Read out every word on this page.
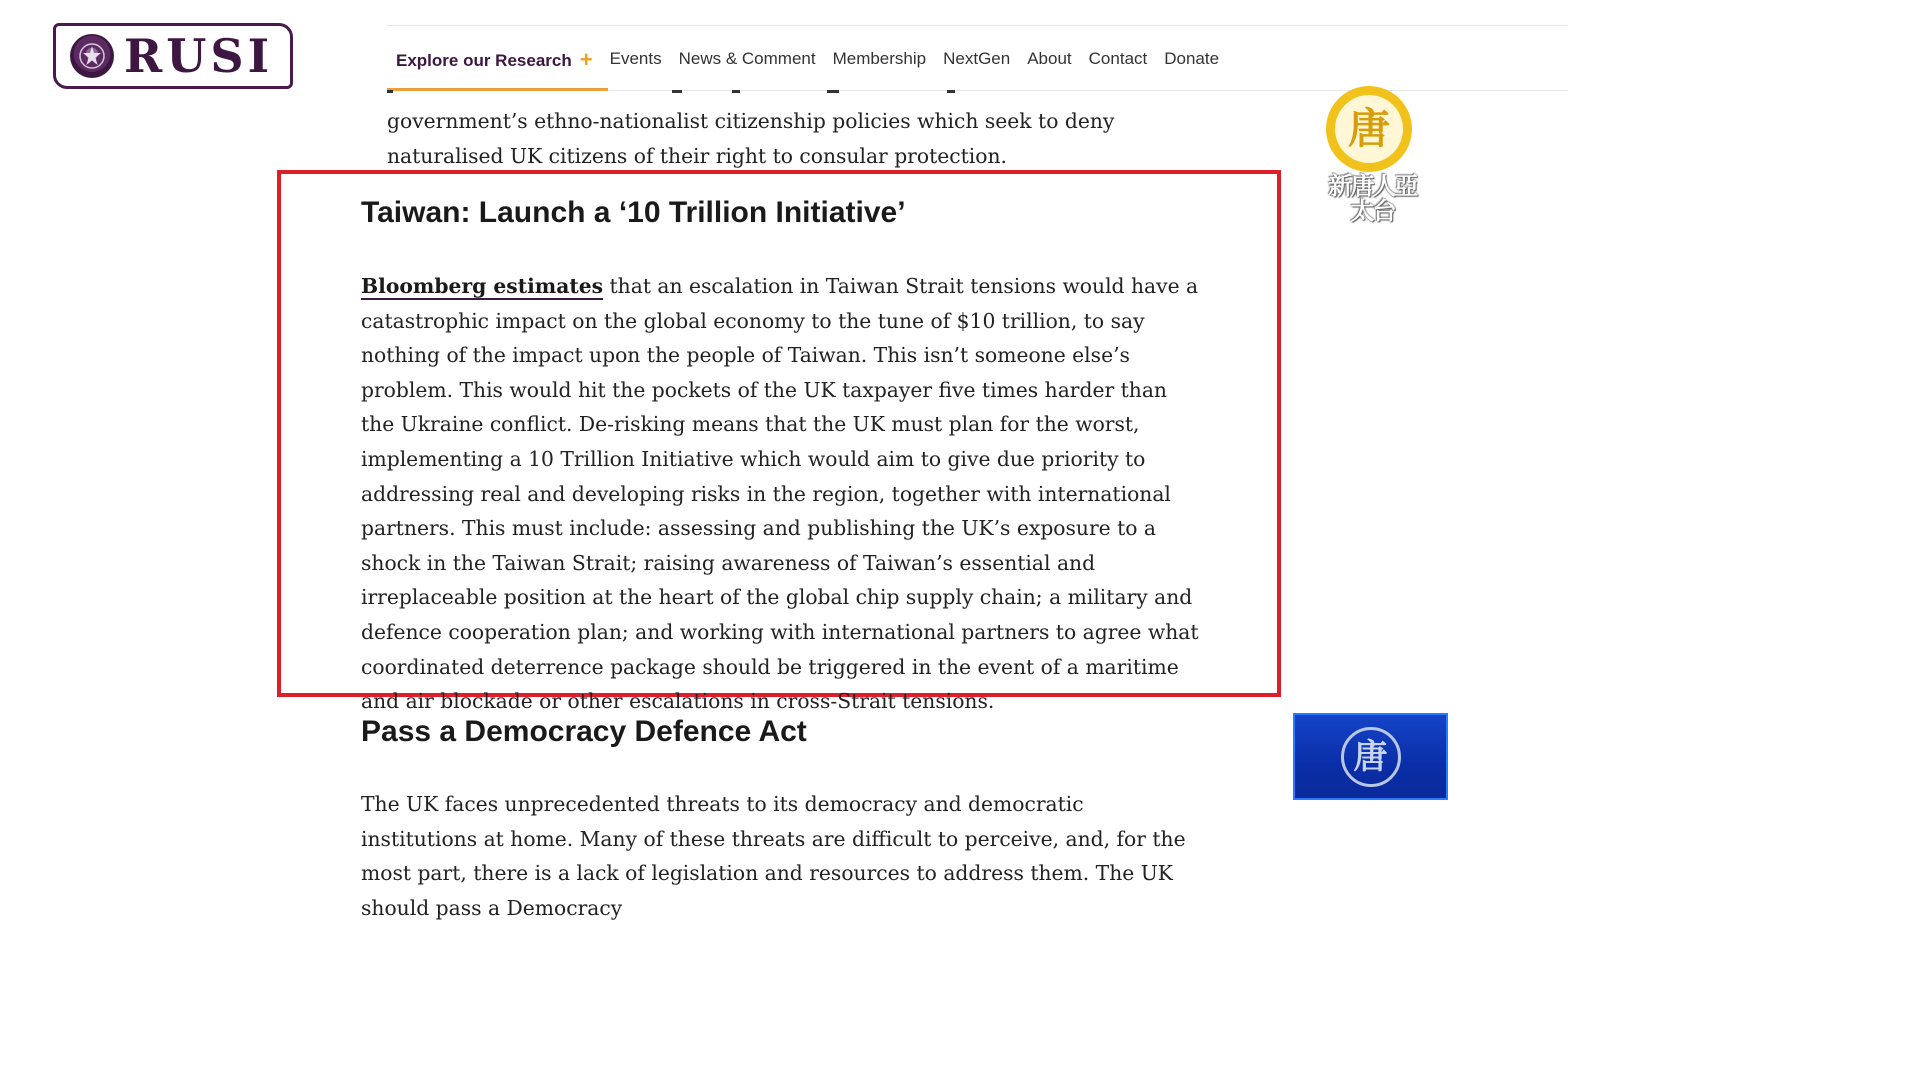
RUSI	Explore our Research + Events News & Comment Membership NextGen About Contact Donate

government’s ethno-nationalist citizenship policies which seek to deny naturalised UK citizens of their right to consular protection.

Taiwan: Launch a ‘10 Trillion Initiative’

Bloomberg estimates that an escalation in Taiwan Strait tensions would have a catastrophic impact on the global economy to the tune of $10 trillion, to say nothing of the impact upon the people of Taiwan. This isn’t someone else’s problem. This would hit the pockets of the UK taxpayer five times harder than the Ukraine conflict. De-risking means that the UK must plan for the worst, implementing a 10 Trillion Initiative which would aim to give due priority to addressing real and developing risks in the region, together with international partners. This must include: assessing and publishing the UK’s exposure to a shock in the Taiwan Strait; raising awareness of Taiwan’s essential and irreplaceable position at the heart of the global chip supply chain; a military and defence cooperation plan; and working with international partners to agree what coordinated deterrence package should be triggered in the event of a maritime and air blockade or other escalations in cross-Strait tensions.

Pass a Democracy Defence Act

The UK faces unprecedented threats to its democracy and democratic institutions at home. Many of these threats are difficult to perceive, and, for the most part, there is a lack of legislation and resources to address them. The UK should pass a Democracy

唐
新唐人亞太台
唐
